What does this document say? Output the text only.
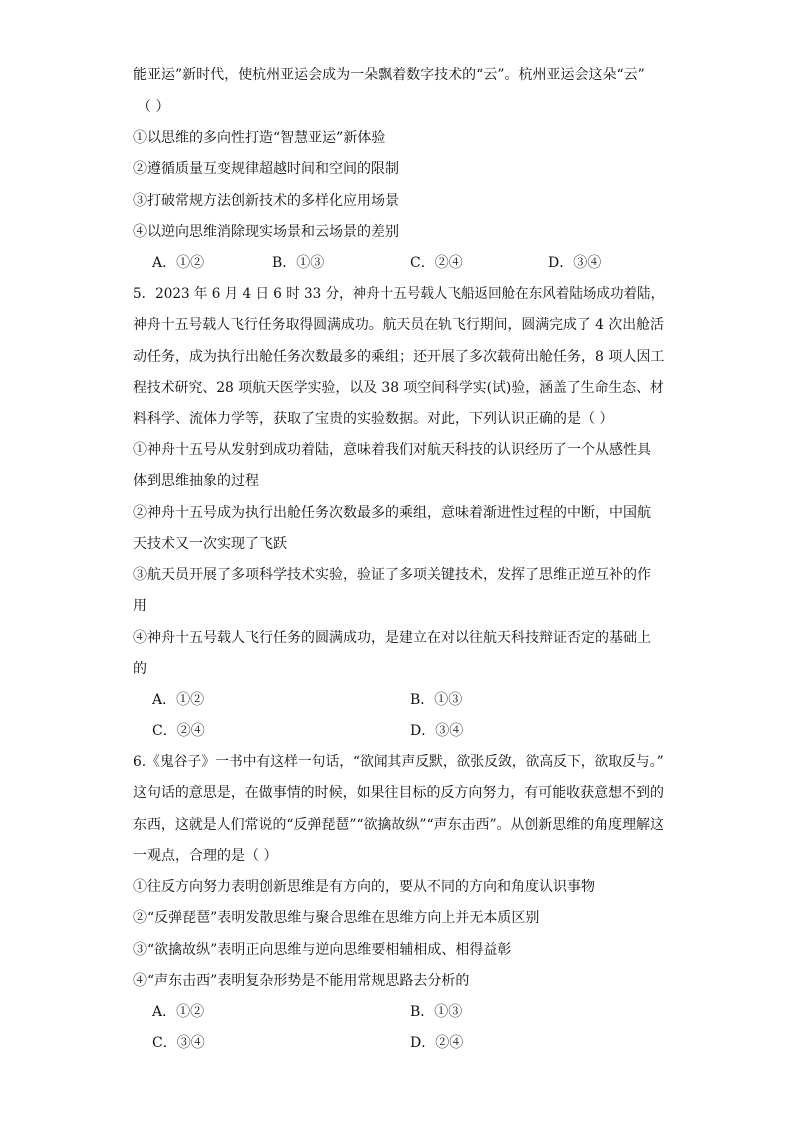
能亚运”新时代，使杭州亚运会成为一朵飘着数字技术的“云”。杭州亚运会这朵“云”
（ ）
①以思维的多向性打造“智慧亚运”新体验
②遵循质量互变规律超越时间和空间的限制
③打破常规方法创新技术的多样化应用场景
④以逆向思维消除现实场景和云场景的差别
A．①②	B．①③	C．②④	D．③④
5．2023 年 6 月 4 日 6 时 33 分，神舟十五号载人飞船返回舱在东风着陆场成功着陆，
神舟十五号载人飞行任务取得圆满成功。航天员在轨飞行期间，圆满完成了 4 次出舱活
动任务，成为执行出舱任务次数最多的乘组；还开展了多次载荷出舱任务，8 项人因工
程技术研究、28 项航天医学实验，以及 38 项空间科学实(试)验，涵盖了生命生态、材
料科学、流体力学等，获取了宝贵的实验数据。对此，下列认识正确的是（ ）
①神舟十五号从发射到成功着陆，意味着我们对航天科技的认识经历了一个从感性具
体到思维抽象的过程
②神舟十五号成为执行出舱任务次数最多的乘组，意味着渐进性过程的中断，中国航
天技术又一次实现了飞跃
③航天员开展了多项科学技术实验，验证了多项关键技术，发挥了思维正逆互补的作
用
④神舟十五号载人飞行任务的圆满成功，是建立在对以往航天科技辩证否定的基础上
的
A．①②	B．①③
C．②④	D．③④
6.《鬼谷子》一书中有这样一句话，“欲闻其声反默，欲张反敛，欲高反下，欲取反与。”
这句话的意思是，在做事情的时候，如果往目标的反方向努力，有可能收获意想不到的
东西，这就是人们常说的“反弹琵琶”“欲擒故纵”“声东击西”。从创新思维的角度理解这
一观点，合理的是（ ）
①往反方向努力表明创新思维是有方向的，要从不同的方向和角度认识事物
②“反弹琵琶”表明发散思维与聚合思维在思维方向上并无本质区别
③“欲擒故纵”表明正向思维与逆向思维要相辅相成、相得益彰
④“声东击西”表明复杂形势是不能用常规思路去分析的
A．①②	B．①③
C．③④	D．②④
